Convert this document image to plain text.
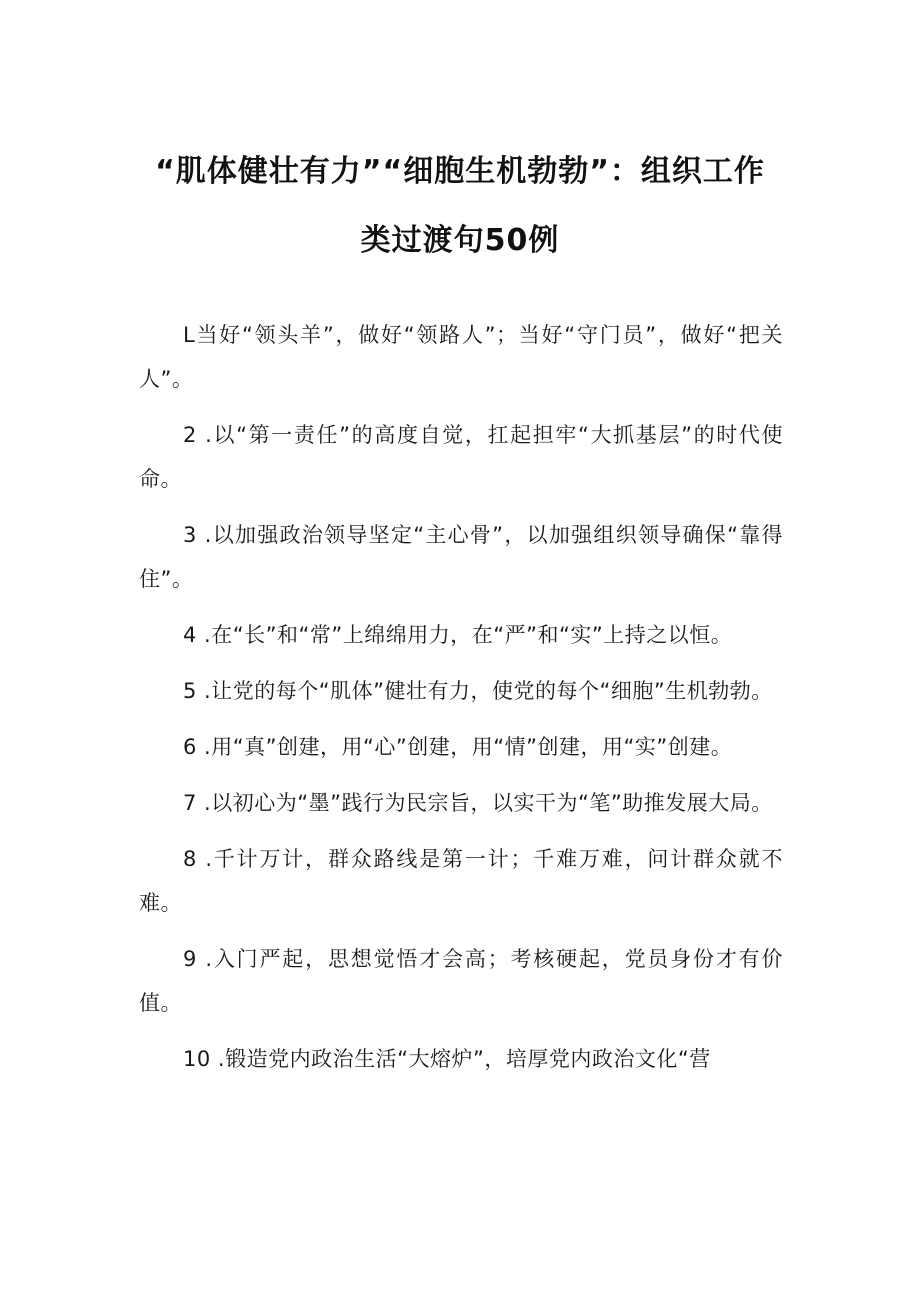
“肌体健壮有力”“细胞生机勃勃”：组织工作
类过渡句50例

L当好“领头羊”，做好“领路人”；当好“守门员”，做好“把关人”。

2 .以“第一责任”的高度自觉，扛起担牢“大抓基层”的时代使命。

3 .以加强政治领导坚定“主心骨”，以加强组织领导确保“靠得住”。

4 .在“长”和“常”上绵绵用力，在“严”和“实”上持之以恒。

5 .让党的每个“肌体”健壮有力，使党的每个“细胞”生机勃勃。

6 .用“真”创建，用“心”创建，用“情”创建，用“实”创建。

7 .以初心为“墨”践行为民宗旨，以实干为“笔”助推发展大局。

8 .千计万计，群众路线是第一计；千难万难，问计群众就不难。

9 .入门严起，思想觉悟才会高；考核硬起，党员身份才有价值。

10 .锻造党内政治生活“大熔炉”，培厚党内政治文化“营
